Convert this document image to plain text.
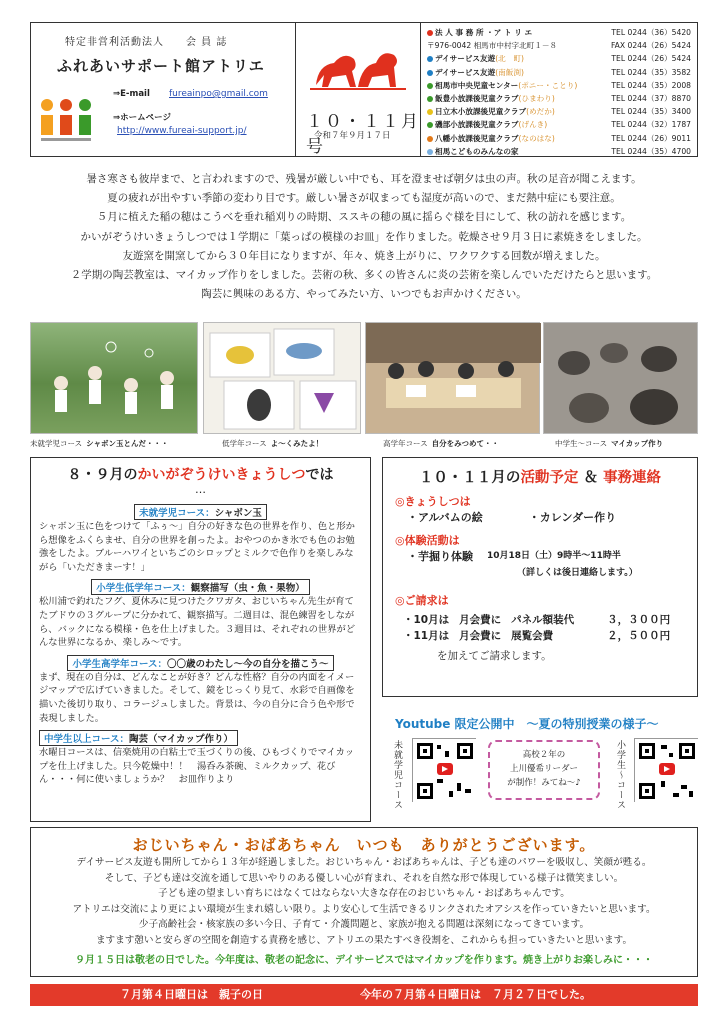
特定非営利活動法人　　会 員 誌
ふれあいサポート館アトリエ
⇒E-mail fureainpo@gmail.com
⇒ホームページ
http://www.fureai-support.jp/	１０・１１月号
令和７年９月１７日
法 人 事 務 所 ・ア ト リ エ	TEL 0244（36）5420
〒976-0042 相馬市中村字北町１－８	FAX 0244（26）5424
デイサービス友遊(北　町)	TEL 0244（26）5424
デイサービス友遊(南飯渕)	TEL 0244（35）3582
相馬市中央児童センター(ポニー・ことり)	TEL 0244（35）2008
飯豊小放課後児童クラブ(ひまわり)	TEL 0244（37）8870
日立木小放課後児童クラブ(めだか)	TEL 0244（35）3400
磯部小放課後児童クラブ(げんき)	TEL 0244（32）1787
八幡小放課後児童クラブ(なのはな)	TEL 0244（26）9011
相馬こどものみんなの家	TEL 0244（35）4700
暑さ寒さも彼岸まで、と言われますので、残暑が厳しい中でも、耳を澄ませば朝夕は虫の声。秋の足音が聞こえます。
夏の疲れが出やすい季節の変わり目です。厳しい暑さが収まっても湿度が高いので、まだ熱中症にも要注意。
５月に植えた稲の穂はこうべを垂れ稲刈りの時期、ススキの穂の風に揺らぐ様を目にして、秋の訪れを感じます。
かいがぞうけいきょうしつでは１学期に「葉っぱの模様のお皿」を作りました。乾燥させ９月３日に素焼きをしました。
友遊窯を開窯してから３０年目になりますが、年々、焼き上がりに、ワクワクする回数が増えました。
２学期の陶芸教室は、マイカップ作りをしました。芸術の秋、多くの皆さんに炎の芸術を楽しんでいただけたらと思います。
陶芸に興味のある方、やってみたい方、いつでもお声かけください。
未就学児コース シャボン玉とんだ・・・	低学年コース よ～くみたよ！	高学年コース 自分をみつめて・・	中学生～コース マイカップ作り
８・９月のかいがぞうけいきょうしつでは
…
未就学児コース：シャボン玉
シャボン玉に色をつけて「ふぅ～」自分の好きな色の世界を作り、色と形から想像をふくらませ、自分の世界を創ったよ。おやつのかき氷でも色のお勉強をしたよ。ブルーハワイといちごのシロップとミルクで色作りを楽しみながら「いただきまーす！」
小学生低学年コース：観察描写（虫・魚・果物）
松川浦で釣れたフグ、夏休みに見つけたクワガタ、おじいちゃん先生が育てたブドウの３グループに分かれて、観察描写。二週目は、混色練習をしながら、バックになる模様・色を仕上げました。３週目は、それぞれの世界がどんな世界になるか、楽しみ～です。
小学生高学年コース：〇〇歳のわたし～今の自分を描こう～
まず、現在の自分は、どんなことが好き？どんな性格？自分の内面をイメージマップで広げていきました。そして、鏡をじっくり見て、水彩で自画像を描いた後切り取り、コラージュしました。背景は、今の自分に合う色や形で表現しました。
中学生以上コース：陶芸（マイカップ作り）
水曜日コースは、信楽焼用の白粘土で玉づくりの後、ひもづくりでマイカップを仕上げました。只今乾燥中！！　湯呑み茶碗、ミルクカップ、花びん・・・何に使いましょうか？　お皿作りより
１０・１１月の活動予定 ＆ 事務連絡
◎きょうしつは
・アルバムの絵	・カレンダー作り
◎体験活動は
・芋掘り体験 10月18日（土）9時半～11時半
（詳しくは後日連絡します。）
◎ご請求は
・10月は 月会費に パネル額装代	３，３００円
・11月は 月会費に 展覧会費	２，５００円
を加えてご請求します。
Youtube 限定公開中　～夏の特別授業の様子～
未就学児コース	高校２年の
上川優希リーダー
が制作！みてね～♪	小学生～コース
おじいちゃん・おばあちゃん　いつも　ありがとうございます。
デイサービス友遊も開所してから１３年が経過しました。おじいちゃん・おばあちゃんは、子ども達のパワーを吸収し、笑顔が甦る。
そして、子ども達は交流を通して思いやりのある優しい心が育まれ、それを自然な形で体現している様子は微笑ましい。
子ども達の望ましい育ちにはなくてはならない大きな存在のおじいちゃん・おばあちゃんです。
アトリエは交流により更によい環境が生まれ嬉しい限り。より安心して生活できるリンクされたオアシスを作っていきたいと思います。
少子高齢社会・核家族の多い今日、子育て・介護問題と、家族が抱える問題は深刻になってきています。
ますます憩いと安らぎの空間を創造する責務を感じ、アトリエの果たすべき役割を、これからも担っていきたいと思います。
９月１５日は敬老の日でした。今年度は、敬老の記念に、デイサービスではマイカップを作ります。焼き上がりお楽しみに・・・
７月第４日曜日は　親子の日	今年の７月第４日曜日は　７月２７日でした。
